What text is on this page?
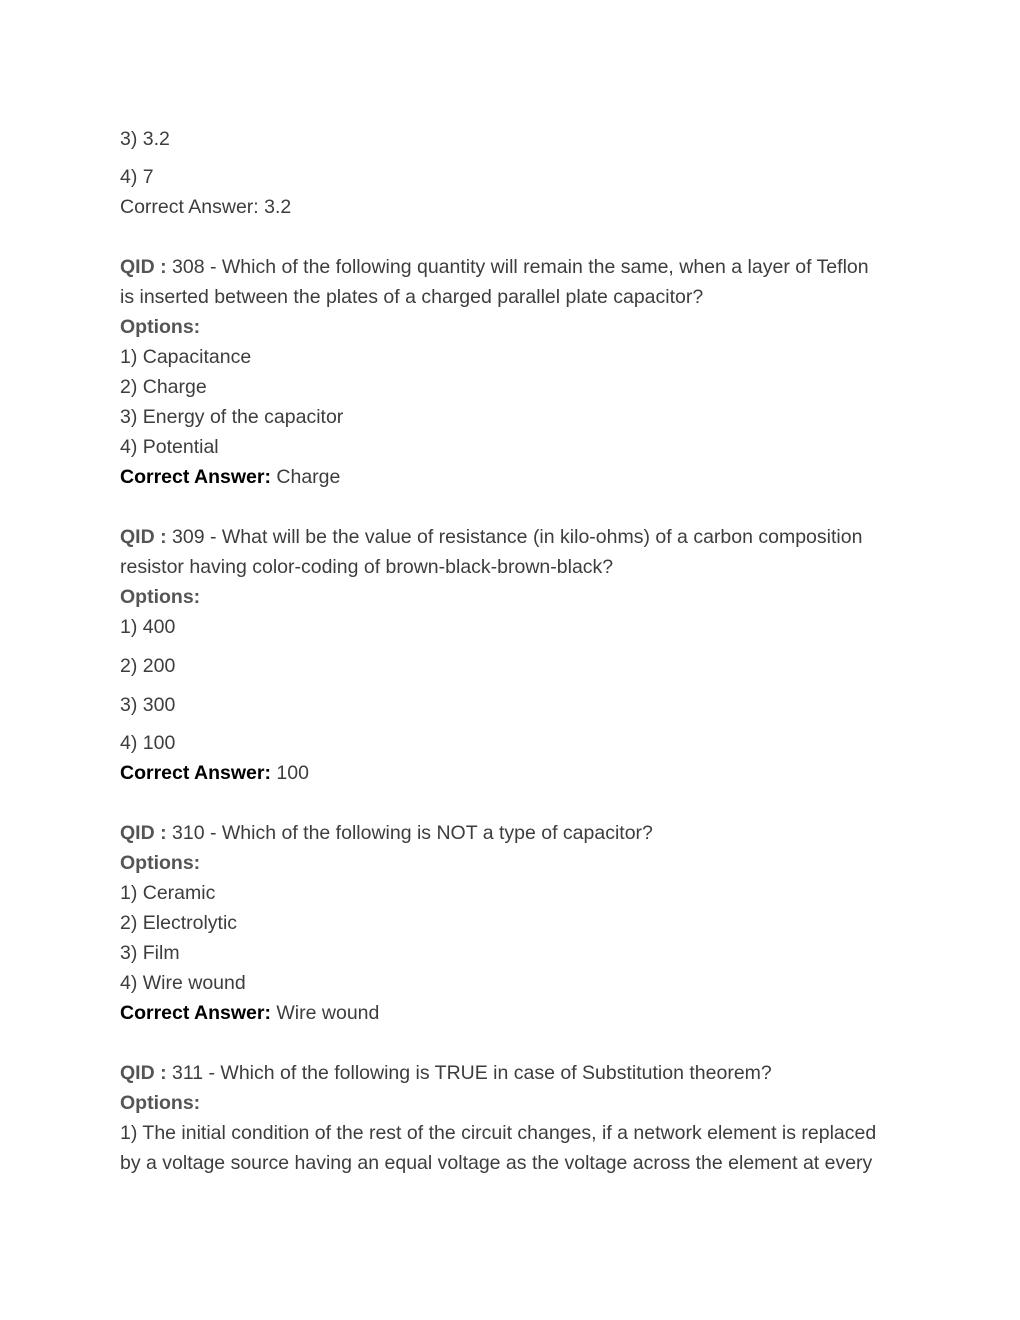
3) 3.2
4) 7
Correct Answer: 3.2
QID : 308 - Which of the following quantity will remain the same, when a layer of Teflon
is inserted between the plates of a charged parallel plate capacitor?
Options:
1) Capacitance
2) Charge
3) Energy of the capacitor
4) Potential
Correct Answer: Charge
QID : 309 - What will be the value of resistance (in kilo-ohms) of a carbon composition
resistor having color-coding of brown-black-brown-black?
Options:
1) 400
2) 200
3) 300
4) 100
Correct Answer: 100
QID : 310 - Which of the following is NOT a type of capacitor?
Options:
1) Ceramic
2) Electrolytic
3) Film
4) Wire wound
Correct Answer: Wire wound
QID : 311 - Which of the following is TRUE in case of Substitution theorem?
Options:
1) The initial condition of the rest of the circuit changes, if a network element is replaced
by a voltage source having an equal voltage as the voltage across the element at every
